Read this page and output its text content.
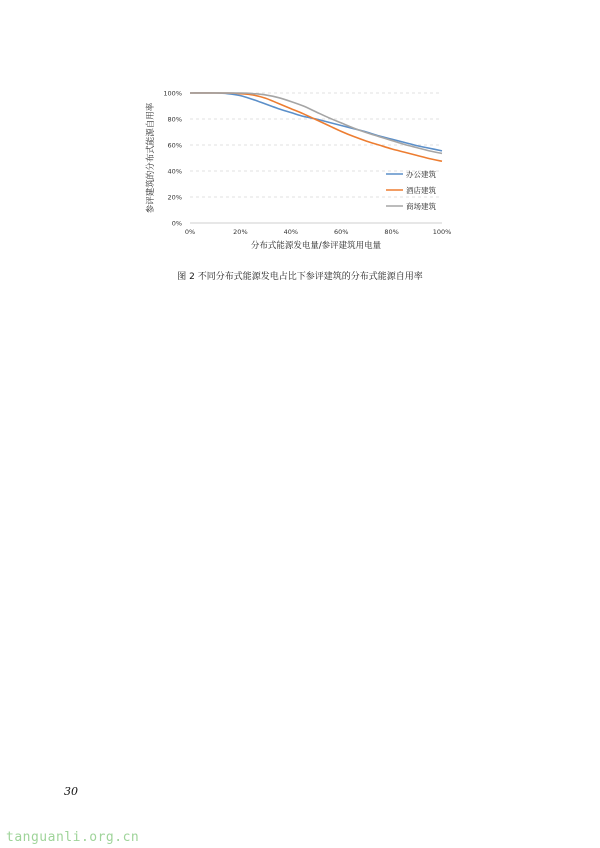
0%
20%
40%
60%
80%
100%
0%	20%	40%	60%	80%	100%
办公建筑
酒店建筑
商场建筑
参评建筑的分布式能源自用率
分布式能源发电量/参评建筑用电量
图 2 不同分布式能源发电占比下参评建筑的分布式能源自用率
30
tanguanli.org.cn
